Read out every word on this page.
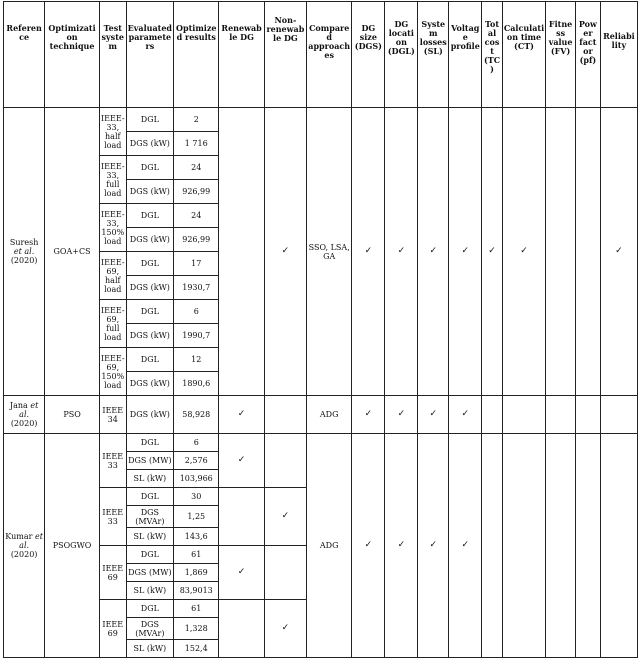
Reference	Optimization technique	Test system	Evaluated parameters	Optimized results	Renewable DG	Non-renewable DG	Compared approaches	DG size (DGS)	DG location (DGL)	System losses (SL)	Voltage profile	Total cost (TC)	Calculation time (CT)	Fitness value (FV)	Power factor (pf)	Reliability
Suresh et al. (2020)	GOA+CS	IEEE-33, half load	DGL	2		✓	SSO, LSA, GA	✓	✓	✓	✓	✓	✓			✓
			DGS (kW)	1 716												
		IEEE-33, full load	DGL	24												
			DGS (kW)	926,99												
		IEEE-33, 150% load	DGL	24												
			DGS (kW)	926,99												
		IEEE-69, half load	DGL	17												
			DGS (kW)	1930,7												
		IEEE-69, full load	DGL	6												
			DGS (kW)	1990,7												
		IEEE-69, 150% load	DGL	12												
			DGS (kW)	1890,6												
Jana et al. (2020)	PSO	IEEE 34	DGS (kW)	58,928	✓		ADG	✓	✓	✓	✓					
Kumar et al. (2020)	PSOGWO	IEEE 33	DGL	6	✓		ADG	✓	✓	✓	✓					
			DGS (MW)	2,576												
			SL (kW)	103,966												
		IEEE 33	DGL	30		✓										
			DGS (MVAr)	1,25												
			SL (kW)	143,6												
		IEEE 69	DGL	61	✓											
			DGS (MW)	1,869												
			SL (kW)	83,9013												
		IEEE 69	DGL	61		✓										
			DGS (MVAr)	1,328												
			SL (kW)	152,4												
